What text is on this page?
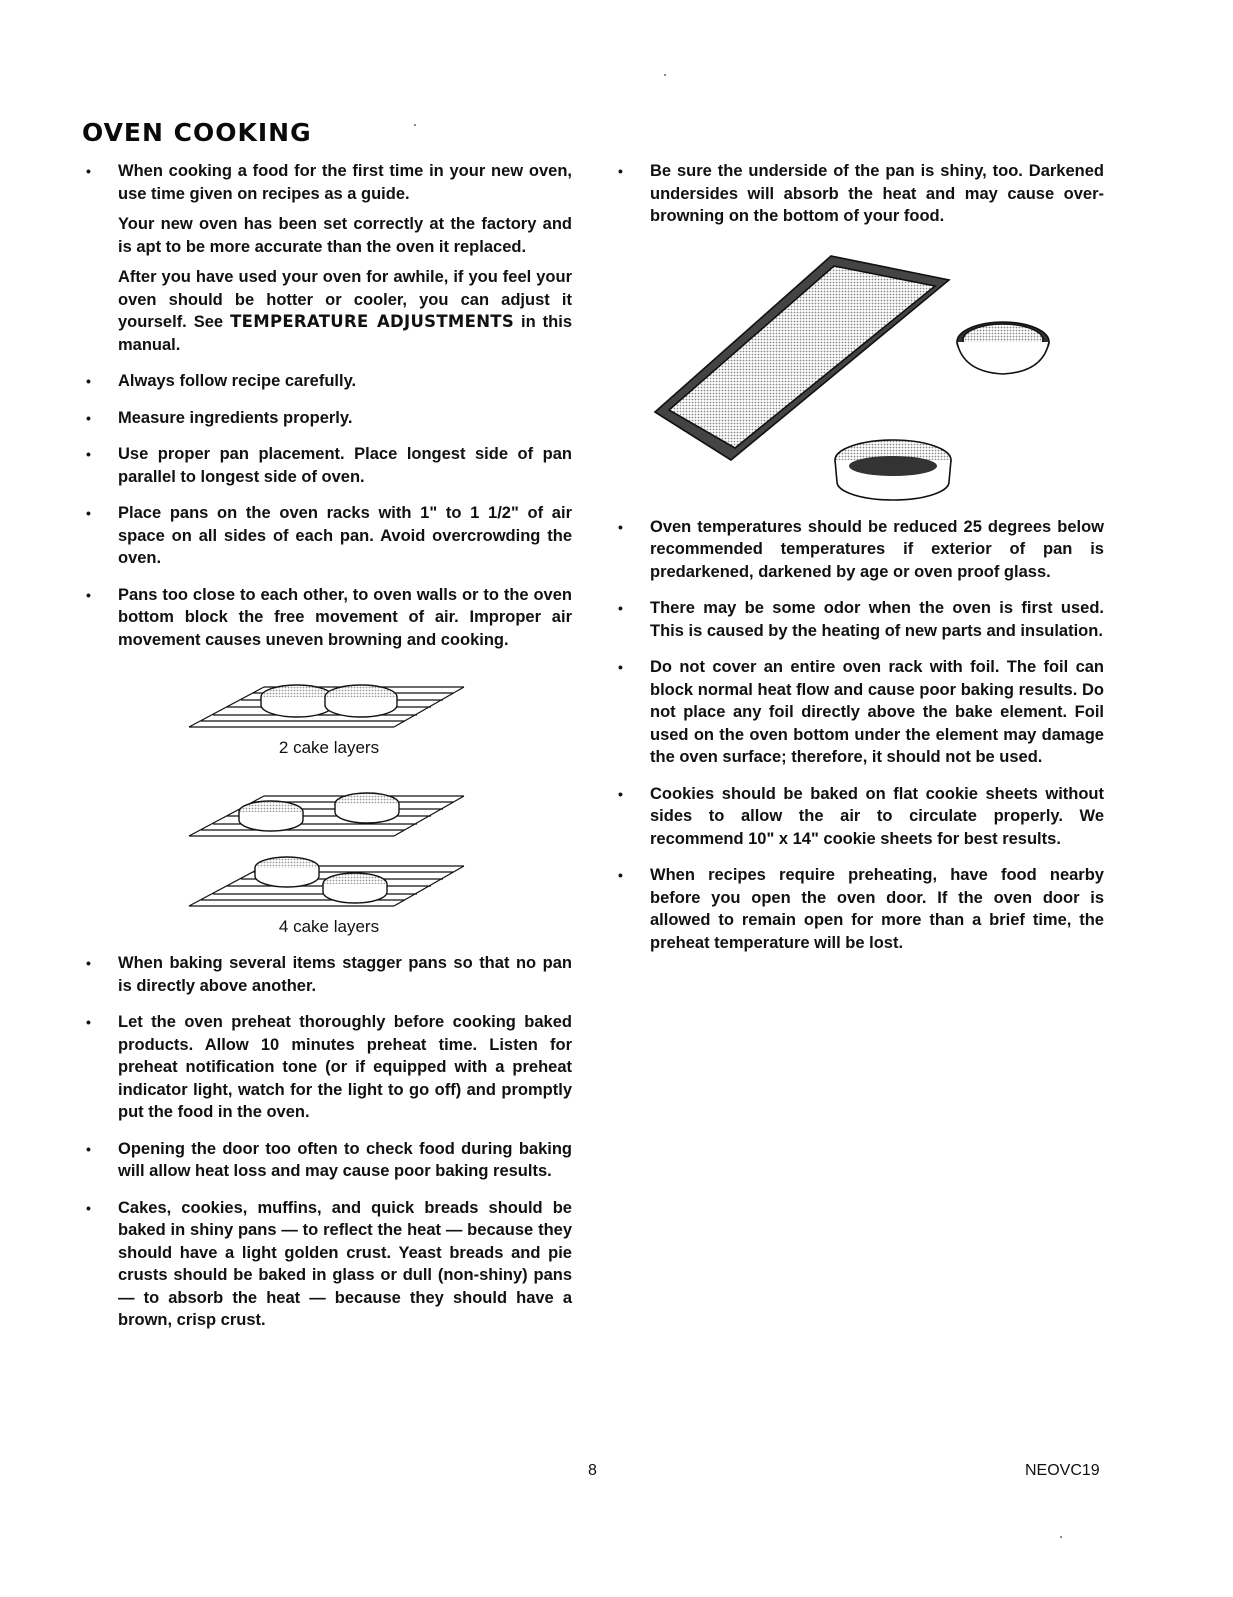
OVEN COOKING
• When cooking a food for the first time in your new oven, use time given on recipes as a guide.

Your new oven has been set correctly at the factory and is apt to be more accurate than the oven it replaced.

After you have used your oven for awhile, if you feel your oven should be hotter or cooler, you can adjust it yourself. See TEMPERATURE ADJUSTMENTS in this manual.

• Always follow recipe carefully.

• Measure ingredients properly.

• Use proper pan placement. Place longest side of pan parallel to longest side of oven.

• Place pans on the oven racks with 1" to 1 1/2" of air space on all sides of each pan. Avoid overcrowding the oven.

• Pans too close to each other, to oven walls or to the oven bottom block the free movement of air. Improper air movement causes uneven browning and cooking.

2 cake layers
4 cake layers
• When baking several items stagger pans so that no pan is directly above another.

• Let the oven preheat thoroughly before cooking baked products. Allow 10 minutes preheat time. Listen for preheat notification tone (or if equipped with a preheat indicator light, watch for the light to go off) and promptly put the food in the oven.

• Opening the door too often to check food during baking will allow heat loss and may cause poor baking results.

• Cakes, cookies, muffins, and quick breads should be baked in shiny pans — to reflect the heat — because they should have a light golden crust. Yeast breads and pie crusts should be baked in glass or dull (non-shiny) pans — to absorb the heat — because they should have a brown, crisp crust.

• Be sure the underside of the pan is shiny, too. Darkened undersides will absorb the heat and may cause over-browning on the bottom of your food.

• Oven temperatures should be reduced 25 degrees below recommended temperatures if exterior of pan is predarkened, darkened by age or oven proof glass.

• There may be some odor when the oven is first used. This is caused by the heating of new parts and insulation.

• Do not cover an entire oven rack with foil. The foil can block normal heat flow and cause poor baking results. Do not place any foil directly above the bake element. Foil used on the oven bottom under the element may damage the oven surface; therefore, it should not be used.

• Cookies should be baked on flat cookie sheets without sides to allow the air to circulate properly. We recommend 10" x 14" cookie sheets for best results.

• When recipes require preheating, have food nearby before you open the oven door. If the oven door is allowed to remain open for more than a brief time, the preheat temperature will be lost.

8	NEOVC19
